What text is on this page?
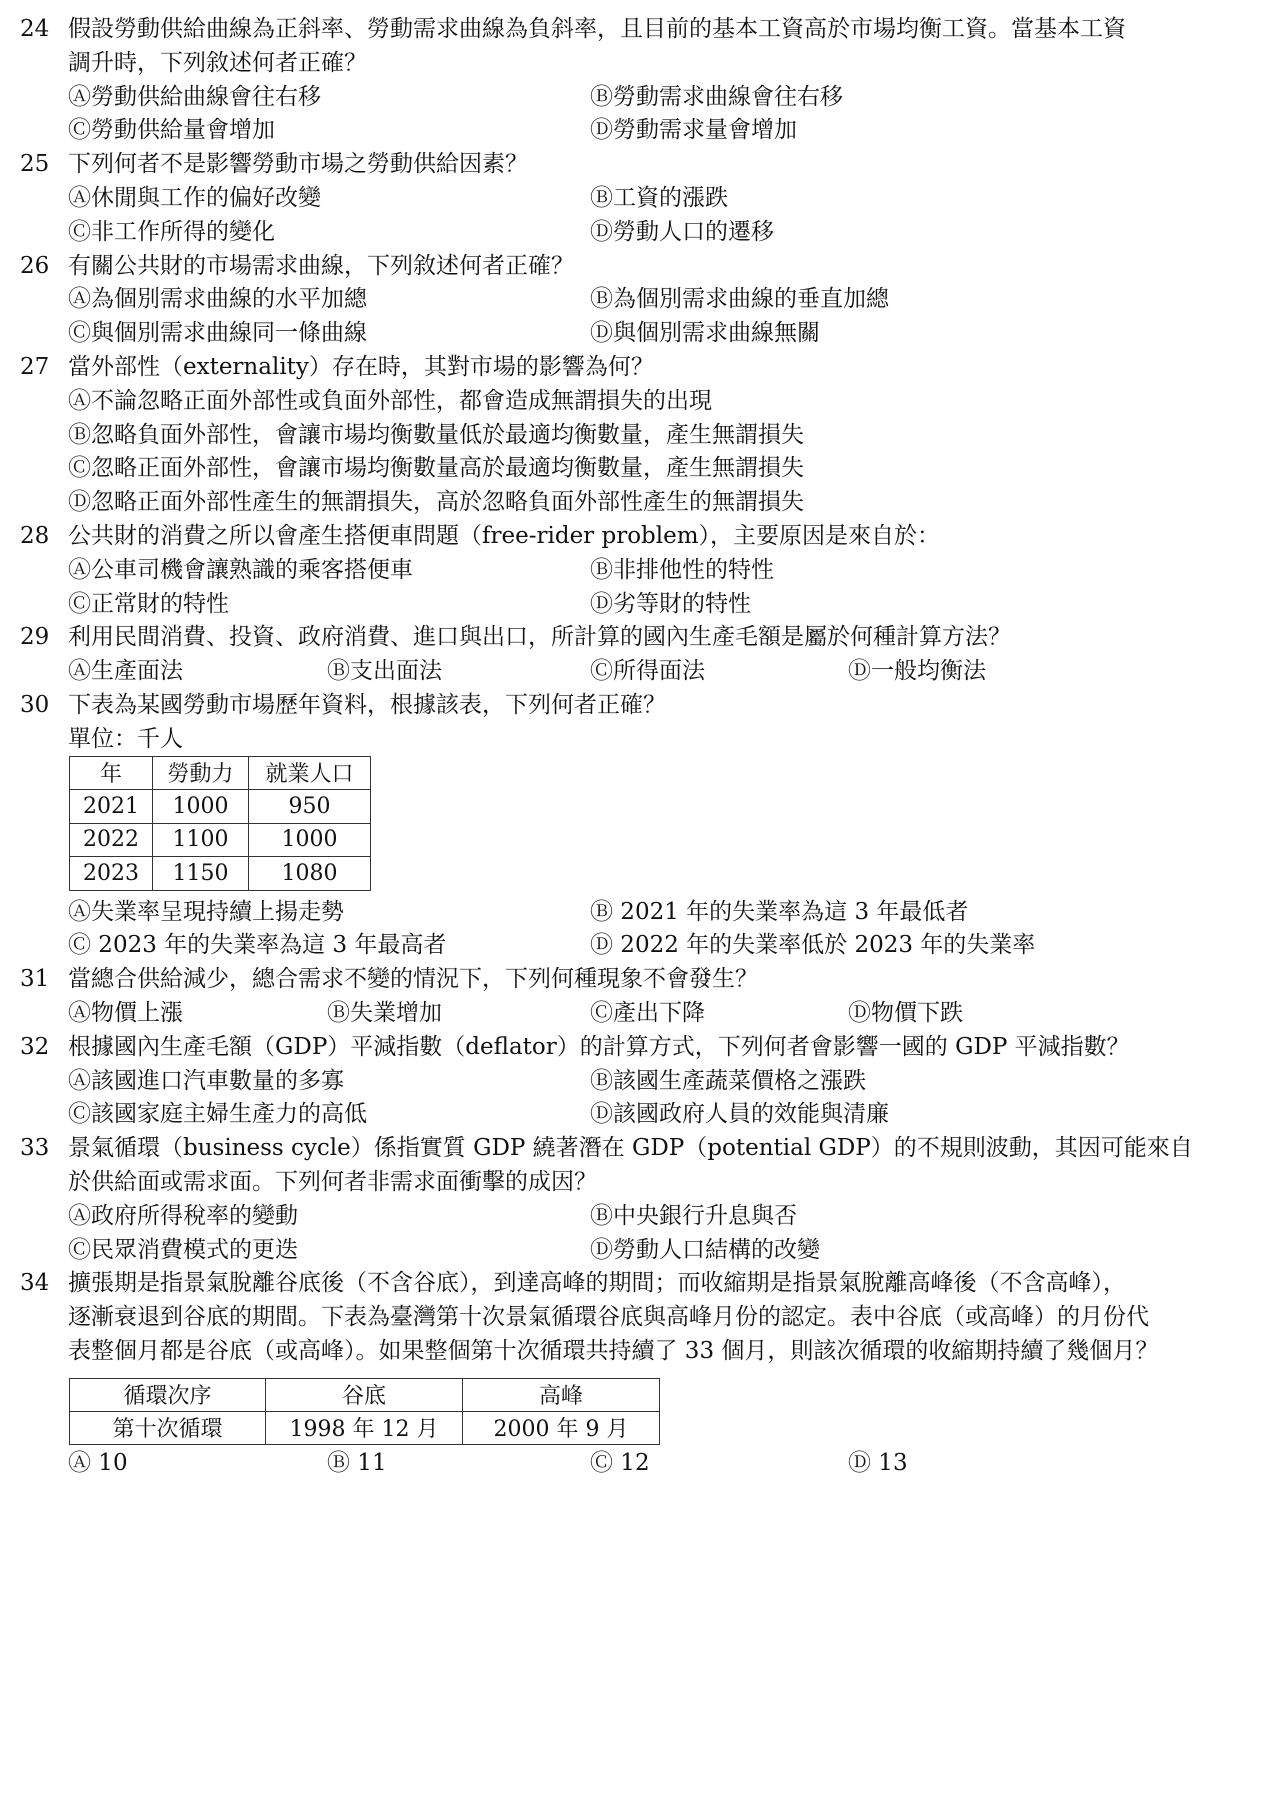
24 假設勞動供給曲線為正斜率、勞動需求曲線為負斜率，且目前的基本工資高於市場均衡工資。當基本工資
調升時，下列敘述何者正確？
Ⓐ勞動供給曲線會往右移	Ⓑ勞動需求曲線會往右移
Ⓒ勞動供給量會增加	Ⓓ勞動需求量會增加
25 下列何者不是影響勞動市場之勞動供給因素？
Ⓐ休閒與工作的偏好改變	Ⓑ工資的漲跌
Ⓒ非工作所得的變化	Ⓓ勞動人口的遷移
26 有關公共財的市場需求曲線，下列敘述何者正確？
Ⓐ為個別需求曲線的水平加總	Ⓑ為個別需求曲線的垂直加總
Ⓒ與個別需求曲線同一條曲線	Ⓓ與個別需求曲線無關
27 當外部性（externality）存在時，其對市場的影響為何？
Ⓐ不論忽略正面外部性或負面外部性，都會造成無謂損失的出現
Ⓑ忽略負面外部性，會讓市場均衡數量低於最適均衡數量，產生無謂損失
Ⓒ忽略正面外部性，會讓市場均衡數量高於最適均衡數量，產生無謂損失
Ⓓ忽略正面外部性產生的無謂損失，高於忽略負面外部性產生的無謂損失
28 公共財的消費之所以會產生搭便車問題（free-rider problem），主要原因是來自於：
Ⓐ公車司機會讓熟識的乘客搭便車	Ⓑ非排他性的特性
Ⓒ正常財的特性	Ⓓ劣等財的特性
29 利用民間消費、投資、政府消費、進口與出口，所計算的國內生產毛額是屬於何種計算方法？
Ⓐ生產面法	Ⓑ支出面法	Ⓒ所得面法	Ⓓ一般均衡法
30 下表為某國勞動市場歷年資料，根據該表，下列何者正確？
單位：千人
年	勞動力	就業人口
2021	1000	950
2022	1100	1000
2023	1150	1080
Ⓐ失業率呈現持續上揚走勢	Ⓑ 2021 年的失業率為這 3 年最低者
Ⓒ 2023 年的失業率為這 3 年最高者	Ⓓ 2022 年的失業率低於 2023 年的失業率
31 當總合供給減少，總合需求不變的情況下，下列何種現象不會發生？
Ⓐ物價上漲	Ⓑ失業增加	Ⓒ產出下降	Ⓓ物價下跌
32 根據國內生產毛額（GDP）平減指數（deflator）的計算方式，下列何者會影響一國的 GDP 平減指數？
Ⓐ該國進口汽車數量的多寡	Ⓑ該國生產蔬菜價格之漲跌
Ⓒ該國家庭主婦生產力的高低	Ⓓ該國政府人員的效能與清廉
33 景氣循環（business cycle）係指實質 GDP 繞著潛在 GDP（potential GDP）的不規則波動，其因可能來自
於供給面或需求面。下列何者非需求面衝擊的成因？
Ⓐ政府所得稅率的變動	Ⓑ中央銀行升息與否
Ⓒ民眾消費模式的更迭	Ⓓ勞動人口結構的改變
34 擴張期是指景氣脫離谷底後（不含谷底），到達高峰的期間；而收縮期是指景氣脫離高峰後（不含高峰），
逐漸衰退到谷底的期間。下表為臺灣第十次景氣循環谷底與高峰月份的認定。表中谷底（或高峰）的月份代
表整個月都是谷底（或高峰）。如果整個第十次循環共持續了 33 個月，則該次循環的收縮期持續了幾個月？
循環次序	谷底	高峰
第十次循環	1998 年 12 月	2000 年 9 月
Ⓐ 10	Ⓑ 11	Ⓒ 12	Ⓓ 13
